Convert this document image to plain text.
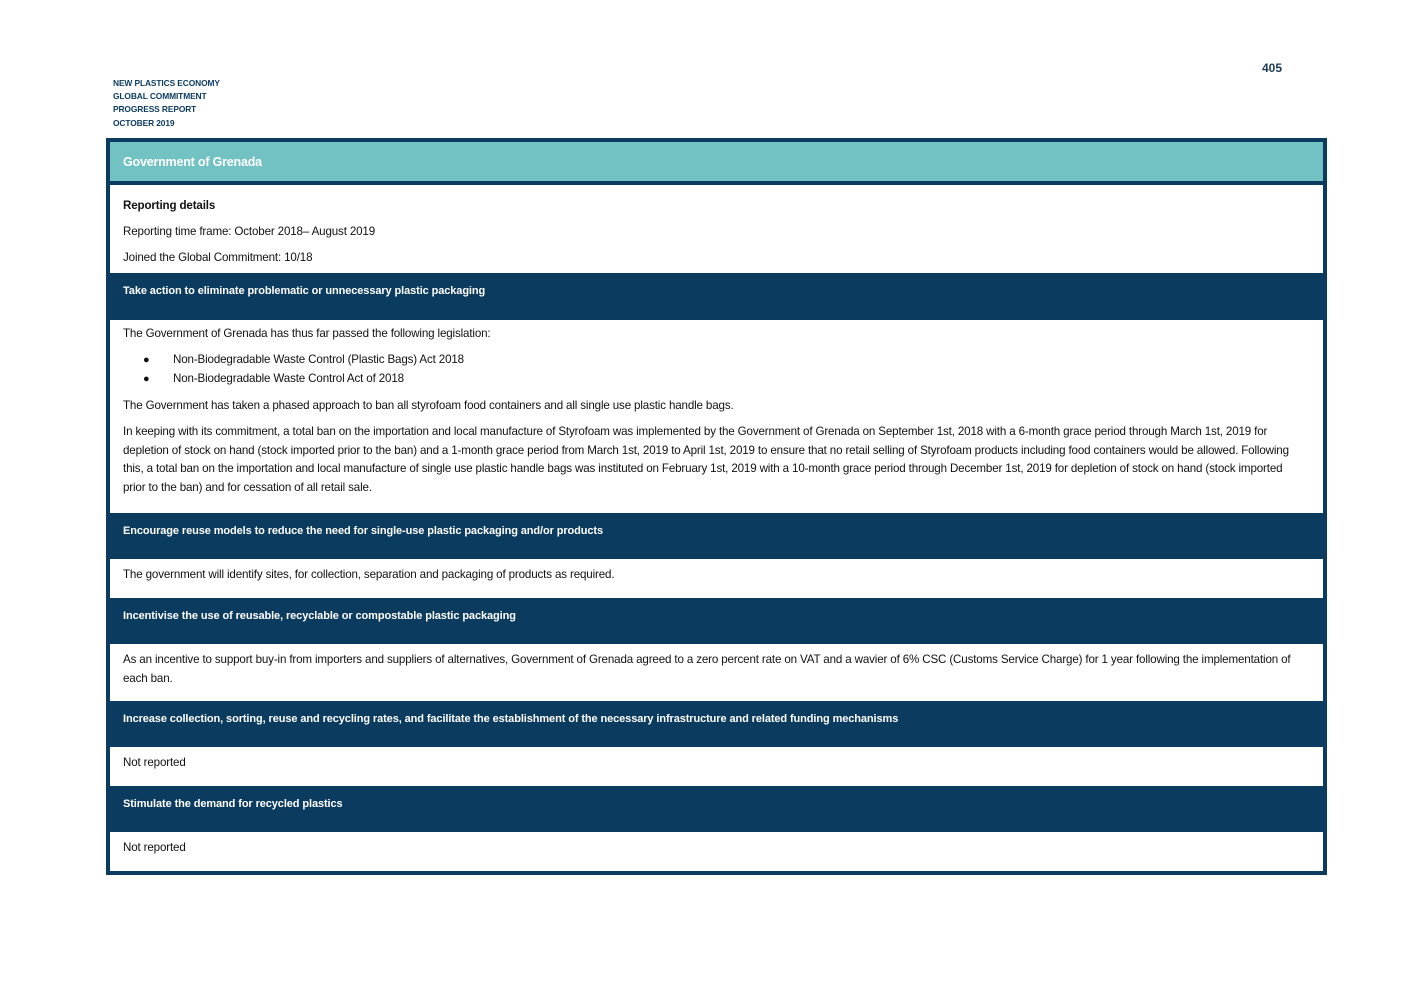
405
NEW PLASTICS ECONOMY
GLOBAL COMMITMENT
PROGRESS REPORT
OCTOBER 2019
Government of Grenada

Reporting details

Reporting time frame: October 2018– August 2019

Joined the Global Commitment: 10/18

Take action to eliminate problematic or unnecessary plastic packaging

The Government of Grenada has thus far passed the following legislation:

● Non-Biodegradable Waste Control (Plastic Bags) Act 2018
● Non-Biodegradable Waste Control Act of 2018

The Government has taken a phased approach to ban all styrofoam food containers and all single use plastic handle bags.

In keeping with its commitment, a total ban on the importation and local manufacture of Styrofoam was implemented by the Government of Grenada on September 1st, 2018 with a 6-month grace period through March 1st, 2019 for depletion of stock on hand (stock imported prior to the ban) and a 1-month grace period from March 1st, 2019 to April 1st, 2019 to ensure that no retail selling of Styrofoam products including food containers would be allowed. Following this, a total ban on the importation and local manufacture of single use plastic handle bags was instituted on February 1st, 2019 with a 10-month grace period through December 1st, 2019 for depletion of stock on hand (stock imported prior to the ban) and for cessation of all retail sale.

Encourage reuse models to reduce the need for single-use plastic packaging and/or products

The government will identify sites, for collection, separation and packaging of products as required.

Incentivise the use of reusable, recyclable or compostable plastic packaging

As an incentive to support buy-in from importers and suppliers of alternatives, Government of Grenada agreed to a zero percent rate on VAT and a wavier of 6% CSC (Customs Service Charge) for 1 year following the implementation of each ban.

Increase collection, sorting, reuse and recycling rates, and facilitate the establishment of the necessary infrastructure and related funding mechanisms

Not reported

Stimulate the demand for recycled plastics

Not reported
